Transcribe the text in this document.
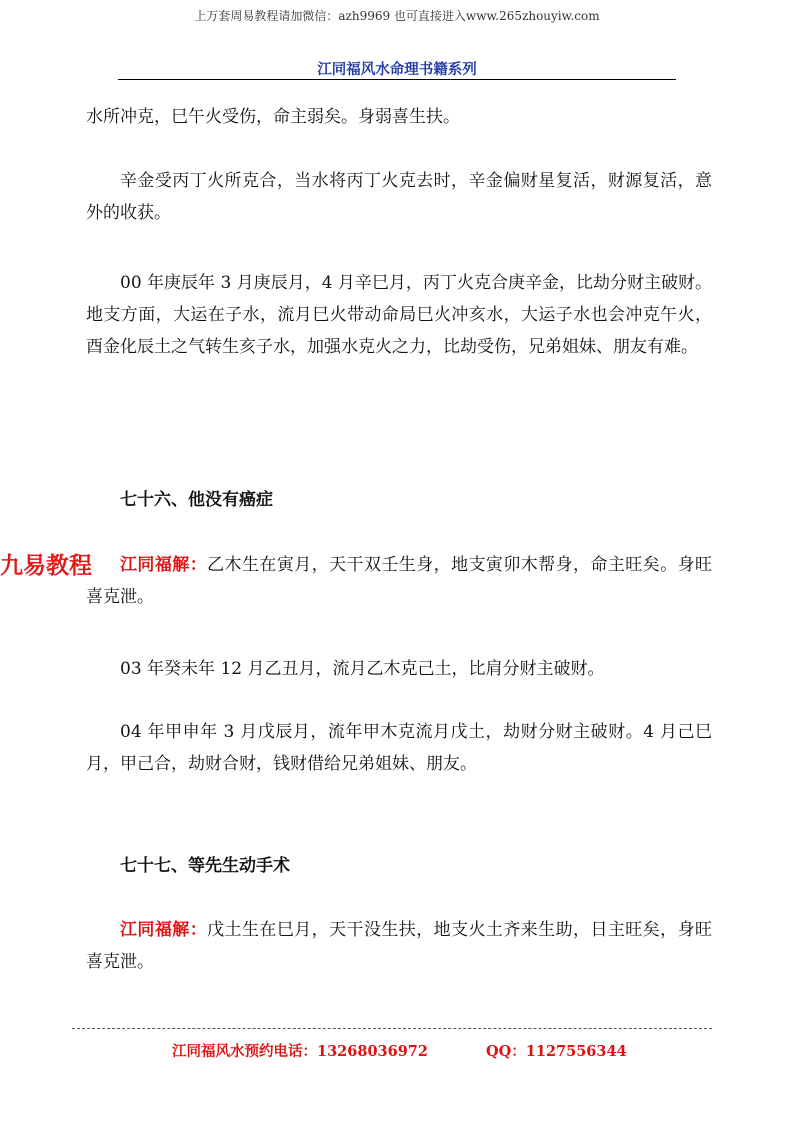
上万套周易教程请加微信：azh9969 也可直接进入www.265zhouyiw.com
江同福风水命理书籍系列

水所冲克，巳午火受伤，命主弱矣。身弱喜生扶。

辛金受丙丁火所克合，当水将丙丁火克去时，辛金偏财星复活，财源复活，意外的收获。

00 年庚辰年 3 月庚辰月，4 月辛巳月，丙丁火克合庚辛金，比劫分财主破财。地支方面，大运在子水，流月巳火带动命局巳火冲亥水，大运子水也会冲克午火，酉金化辰土之气转生亥子水，加强水克火之力，比劫受伤，兄弟姐妹、朋友有难。

七十六、他没有癌症
九易教程	江同福解：乙木生在寅月，天干双壬生身，地支寅卯木帮身，命主旺矣。身旺喜克泄。

03 年癸未年 12 月乙丑月，流月乙木克己土，比肩分财主破财。

04 年甲申年 3 月戊辰月，流年甲木克流月戊土，劫财分财主破财。4 月己巳月，甲己合，劫财合财，钱财借给兄弟姐妹、朋友。

七十七、等先生动手术

江同福解：戊土生在巳月，天干没生扶，地支火土齐来生助，日主旺矣，身旺喜克泄。

江同福风水预约电话：13268036972	QQ：1127556344
